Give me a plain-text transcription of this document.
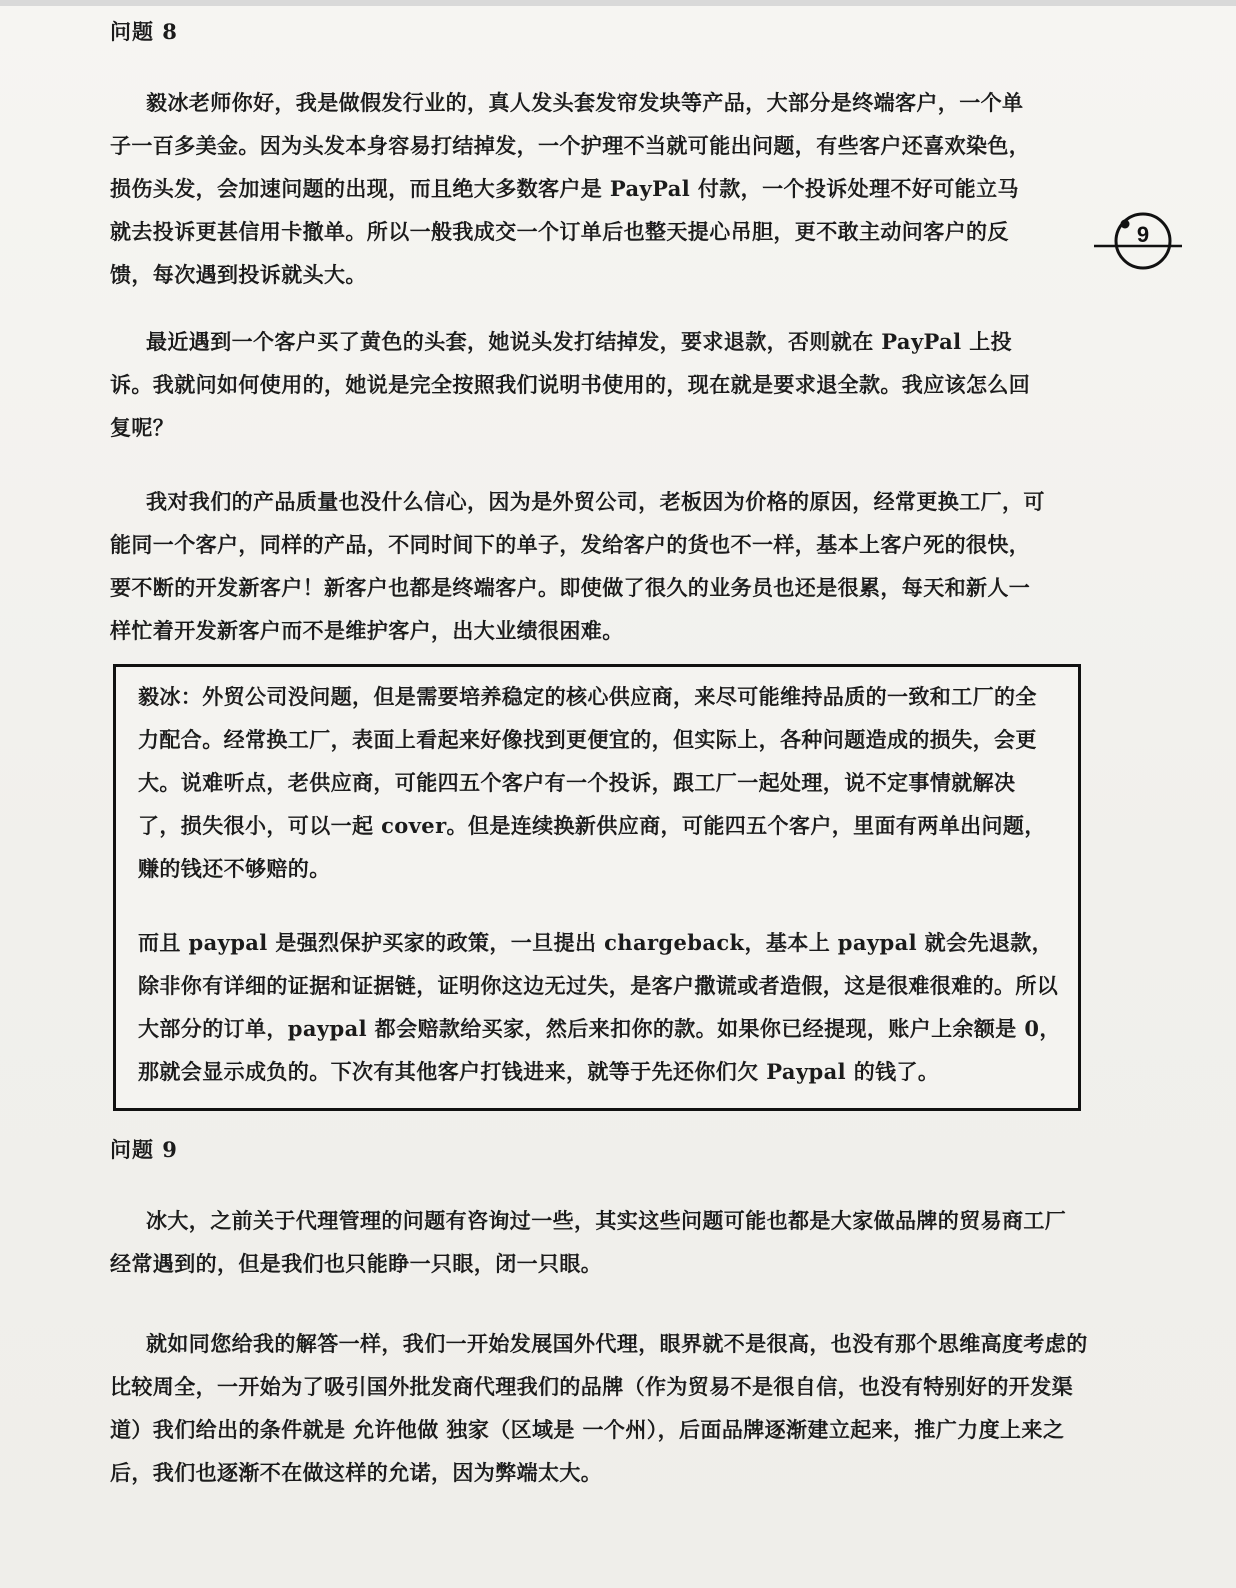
问题 8

毅冰老师你好，我是做假发行业的，真人发头套发帘发块等产品，大部分是终端客户，一个单子一百多美金。因为头发本身容易打结掉发，一个护理不当就可能出问题，有些客户还喜欢染色，损伤头发，会加速问题的出现，而且绝大多数客户是 PayPal 付款，一个投诉处理不好可能立马就去投诉更甚信用卡撤单。所以一般我成交一个订单后也整天提心吊胆，更不敢主动问客户的反馈，每次遇到投诉就头大。

最近遇到一个客户买了黄色的头套，她说头发打结掉发，要求退款，否则就在 PayPal 上投诉。我就问如何使用的，她说是完全按照我们说明书使用的，现在就是要求退全款。我应该怎么回复呢？

我对我们的产品质量也没什么信心，因为是外贸公司，老板因为价格的原因，经常更换工厂，可能同一个客户，同样的产品，不同时间下的单子，发给客户的货也不一样，基本上客户死的很快，要不断的开发新客户！新客户也都是终端客户。即使做了很久的业务员也还是很累，每天和新人一样忙着开发新客户而不是维护客户，出大业绩很困难。

9

毅冰：外贸公司没问题，但是需要培养稳定的核心供应商，来尽可能维持品质的一致和工厂的全力配合。经常换工厂，表面上看起来好像找到更便宜的，但实际上，各种问题造成的损失，会更大。说难听点，老供应商，可能四五个客户有一个投诉，跟工厂一起处理，说不定事情就解决了，损失很小，可以一起 cover。但是连续换新供应商，可能四五个客户，里面有两单出问题，赚的钱还不够赔的。

而且 paypal 是强烈保护买家的政策，一旦提出 chargeback，基本上 paypal 就会先退款，除非你有详细的证据和证据链，证明你这边无过失，是客户撒谎或者造假，这是很难很难的。所以大部分的订单，paypal 都会赔款给买家，然后来扣你的款。如果你已经提现，账户上余额是 0，那就会显示成负的。下次有其他客户打钱进来，就等于先还你们欠 Paypal 的钱了。

问题 9

冰大，之前关于代理管理的问题有咨询过一些，其实这些问题可能也都是大家做品牌的贸易商工厂经常遇到的，但是我们也只能睁一只眼，闭一只眼。

就如同您给我的解答一样，我们一开始发展国外代理，眼界就不是很高，也没有那个思维高度考虑的比较周全，一开始为了吸引国外批发商代理我们的品牌（作为贸易不是很自信，也没有特别好的开发渠道）我们给出的条件就是 允许他做 独家（区域是 一个州），后面品牌逐渐建立起来，推广力度上来之后，我们也逐渐不在做这样的允诺，因为弊端太大。
